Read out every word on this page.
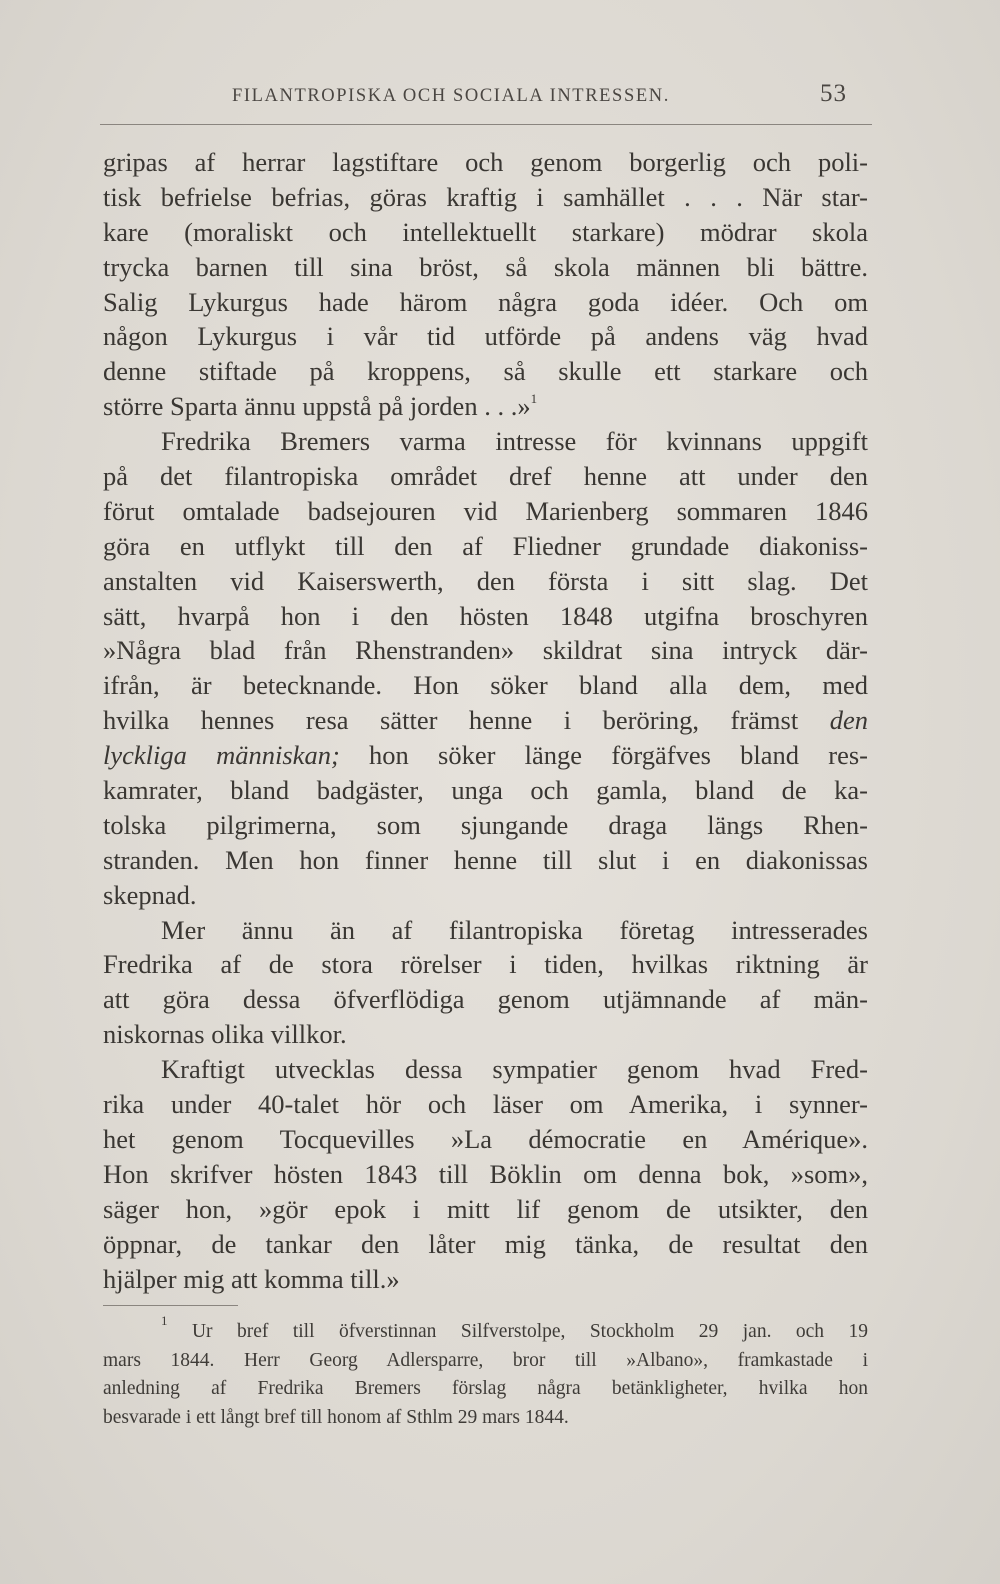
FILANTROPISKA OCH SOCIALA INTRESSEN.	53
gripas af herrar lagstiftare och genom borgerlig och poli-
tisk befrielse befrias, göras kraftig i samhället . . . När star-
kare (moraliskt och intellektuellt starkare) mödrar skola
trycka barnen till sina bröst, så skola männen bli bättre.
Salig Lykurgus hade härom några goda idéer. Och om
någon Lykurgus i vår tid utförde på andens väg hvad
denne stiftade på kroppens, så skulle ett starkare och
större Sparta ännu uppstå på jorden . . .»$^1$
Fredrika Bremers varma intresse för kvinnans uppgift
på det filantropiska området dref henne att under den
förut omtalade badsejouren vid Marienberg sommaren 1846
göra en utflykt till den af Fliedner grundade diakoniss-
anstalten vid Kaiserswerth, den första i sitt slag. Det
sätt, hvarpå hon i den hösten 1848 utgifna broschyren
»Några blad från Rhenstranden» skildrat sina intryck där-
ifrån, är betecknande. Hon söker bland alla dem, med
hvilka hennes resa sätter henne i beröring, främst den
lyckliga människan; hon söker länge förgäfves bland res-
kamrater, bland badgäster, unga och gamla, bland de ka-
tolska pilgrimerna, som sjungande draga längs Rhen-
stranden. Men hon finner henne till slut i en diakonissas
skepnad.
Mer ännu än af filantropiska företag intresserades
Fredrika af de stora rörelser i tiden, hvilkas riktning är
att göra dessa öfverflödiga genom utjämnande af män-
niskornas olika villkor.
Kraftigt utvecklas dessa sympatier genom hvad Fred-
rika under 40-talet hör och läser om Amerika, i synner-
het genom Tocquevilles »La démocratie en Amérique».
Hon skrifver hösten 1843 till Böklin om denna bok, »som»,
säger hon, »gör epok i mitt lif genom de utsikter, den
öppnar, de tankar den låter mig tänka, de resultat den
hjälper mig att komma till.»
$^1$ Ur bref till öfverstinnan Silfverstolpe, Stockholm 29 jan. och 19
mars 1844. Herr Georg Adlersparre, bror till »Albano», framkastade i
anledning af Fredrika Bremers förslag några betänkligheter, hvilka hon
besvarade i ett långt bref till honom af Sthlm 29 mars 1844.
